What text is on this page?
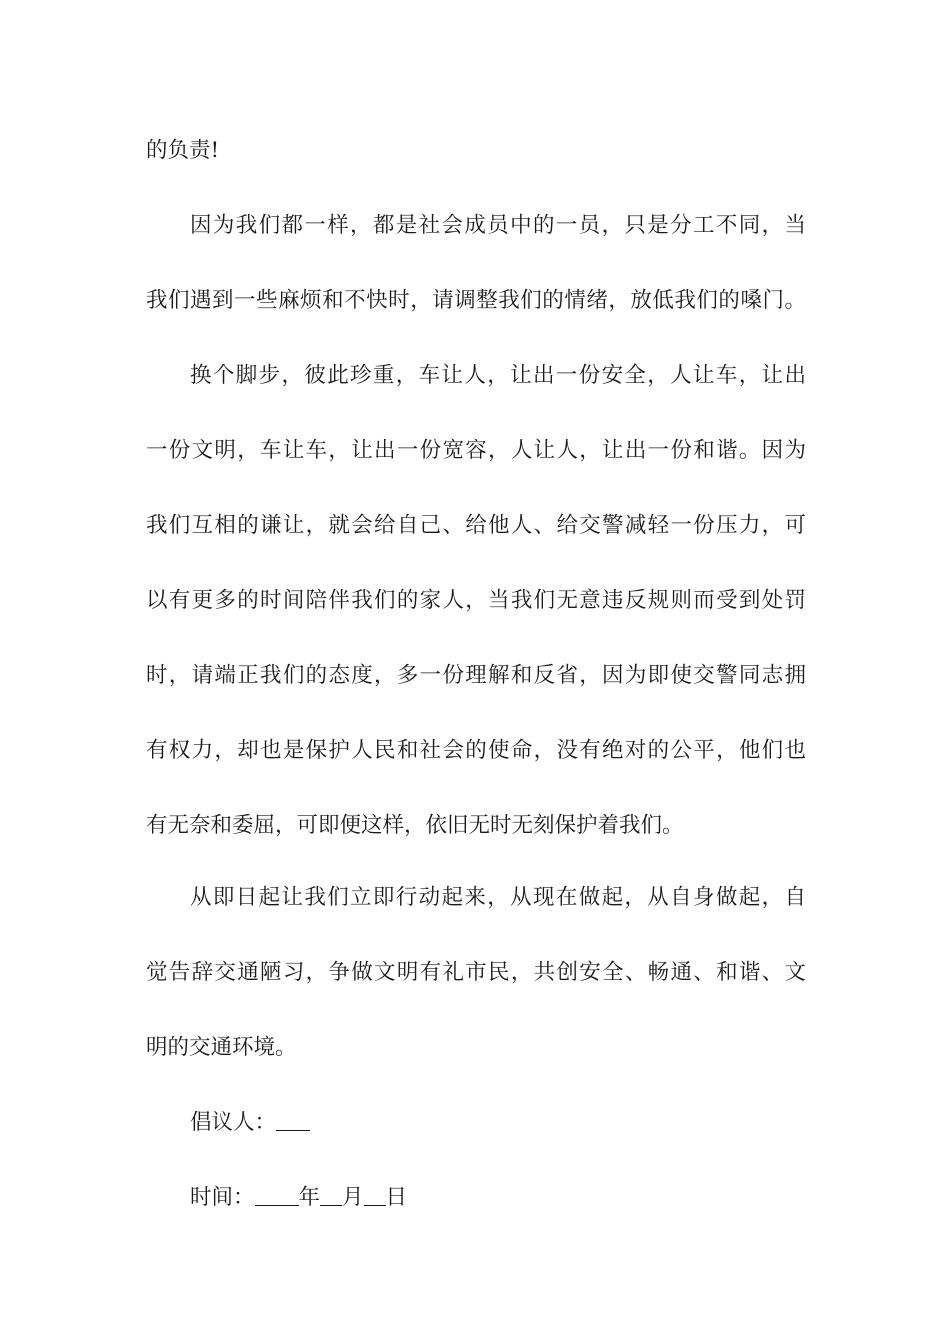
的负责!
因为我们都一样，都是社会成员中的一员，只是分工不同，当
我们遇到一些麻烦和不快时，请调整我们的情绪，放低我们的嗓门。
换个脚步，彼此珍重，车让人，让出一份安全，人让车，让出
一份文明，车让车，让出一份宽容，人让人，让出一份和谐。因为
我们互相的谦让，就会给自己、给他人、给交警减轻一份压力，可
以有更多的时间陪伴我们的家人，当我们无意违反规则而受到处罚
时，请端正我们的态度，多一份理解和反省，因为即使交警同志拥
有权力，却也是保护人民和社会的使命，没有绝对的公平，他们也
有无奈和委屈，可即便这样，依旧无时无刻保护着我们。
从即日起让我们立即行动起来，从现在做起，从自身做起，自
觉告辞交通陋习，争做文明有礼市民，共创安全、畅通、和谐、文
明的交通环境。
倡议人：
时间： 年 月 日
